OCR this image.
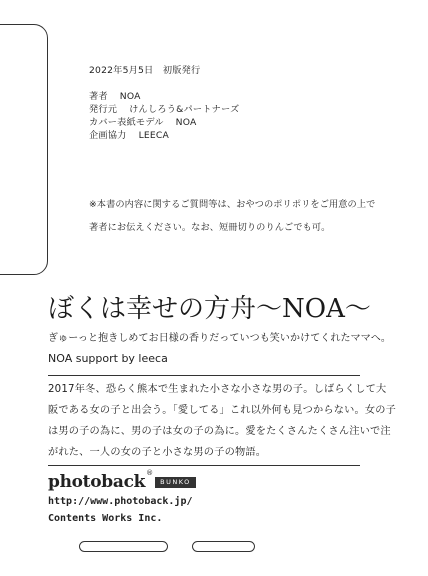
2022年5月5日　初版発行
著者 NOA
発行元 けんしろう&パートナーズ
カバー表紙モデル NOA
企画協力 LEECA
※本書の内容に関するご質問等は、おやつのポリポリをご用意の上で
著者にお伝えください。なお、短冊切りのりんごでも可。
ぼくは幸せの方舟〜NOA〜
ぎゅーっと抱きしめてお日様の香りだっていつも笑いかけてくれたママへ。
NOA support by leeca
2017年冬、恐らく熊本で生まれた小さな小さな男の子。しばらくして大
阪である女の子と出会う。「愛してる」これ以外何も見つからない。女の子
は男の子の為に、男の子は女の子の為に。愛をたくさんたくさん注いで注
がれた、一人の女の子と小さな男の子の物語。
photoback ®
BUNKO
http://www.photoback.jp/
Contents Works Inc.
